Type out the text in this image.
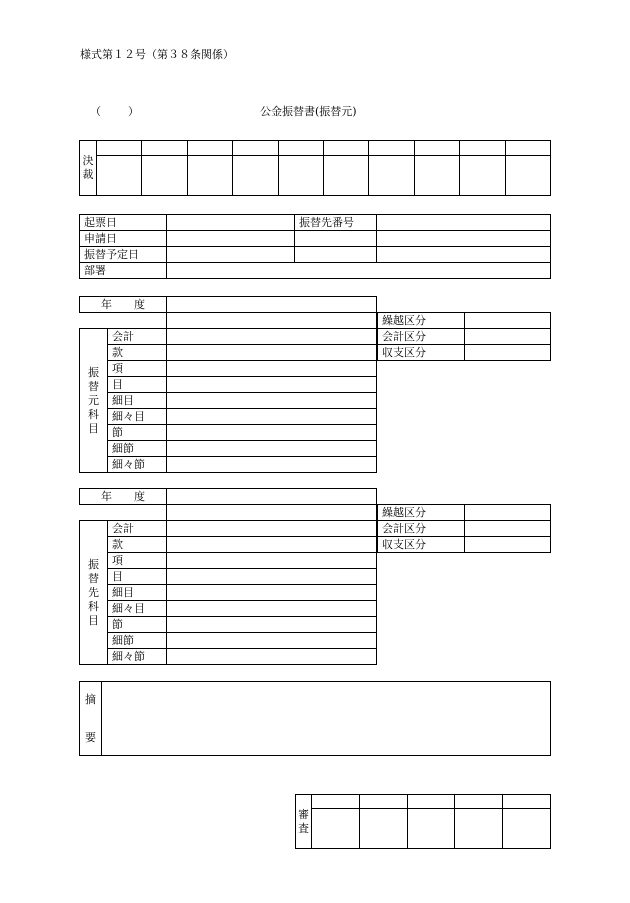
様式第１２号（第３８条関係）
（ ）	公金振替書(振替元)
決
裁										

起票日		振替先番号	
申請日			
振替予定日			
部署			
年 度	
繰越区分	
会計区分	
収支区分	
振
替
元
科
目	会計	
	款	
	項	
	目	
	細目	
	細々目	
	節	
	細節	
	細々節	
年 度	
繰越区分	
会計区分	
収支区分	
振
替
先
科
目	会計	
	款	
	項	
	目	
	細目	
	細々目	
	節	
	細節	
	細々節	
摘
要

審
査					
